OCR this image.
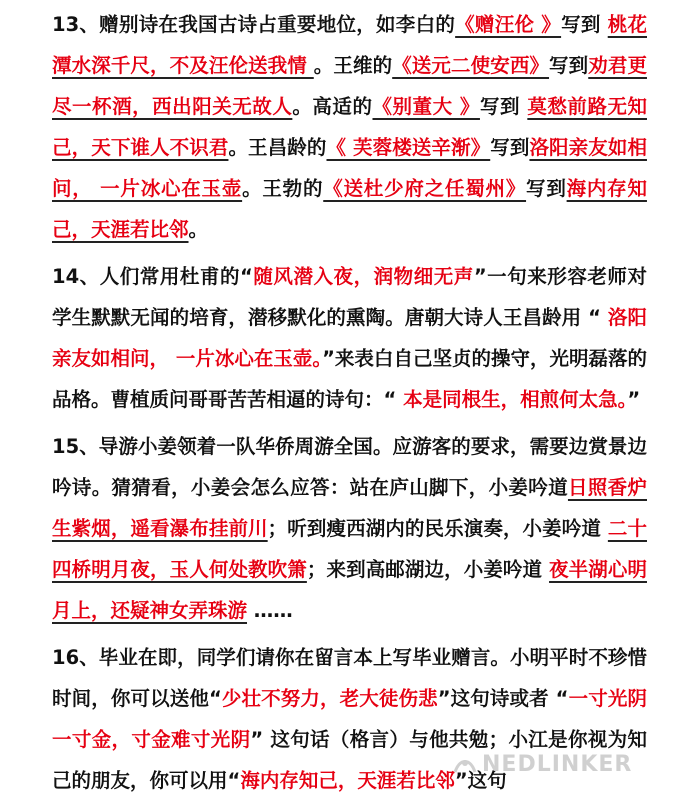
13、赠别诗在我国古诗占重要地位，如李白的《赠汪伦 》写到 桃花潭水深千尺，不及汪伦送我情 。王维的《送元二使安西》写到劝君更尽一杯酒，西出阳关无故人。高适的《别董大 》写到 莫愁前路无知己，天下谁人不识君。王昌龄的《 芙蓉楼送辛渐》写到洛阳亲友如相问， 一片冰心在玉壶。王勃的《送杜少府之任蜀州》写到海内存知己，天涯若比邻。

14、人们常用杜甫的“随风潜入夜，润物细无声”一句来形容老师对学生默默无闻的培育，潜移默化的熏陶。唐朝大诗人王昌龄用 “ 洛阳亲友如相问， 一片冰心在玉壶。”来表白自己坚贞的操守，光明磊落的品格。曹植质问哥哥苦苦相逼的诗句：“ 本是同根生，相煎何太急。”

15、导游小姜领着一队华侨周游全国。应游客的要求，需要边赏景边吟诗。猜猜看，小姜会怎么应答：站在庐山脚下，小姜吟道日照香炉生紫烟，遥看瀑布挂前川；听到瘦西湖内的民乐演奏，小姜吟道 二十四桥明月夜，玉人何处教吹箫；来到高邮湖边，小姜吟道 夜半湖心明月上，还疑神女弄珠游 ……

16、毕业在即，同学们请你在留言本上写毕业赠言。小明平时不珍惜时间，你可以送他“少壮不努力，老大徒伤悲”这句诗或者 “一寸光阴一寸金，寸金难寸光阴” 这句话（格言）与他共勉；小江是你视为知己的朋友，你可以用“海内存知己，天涯若比邻”这句

NEDLINKER
